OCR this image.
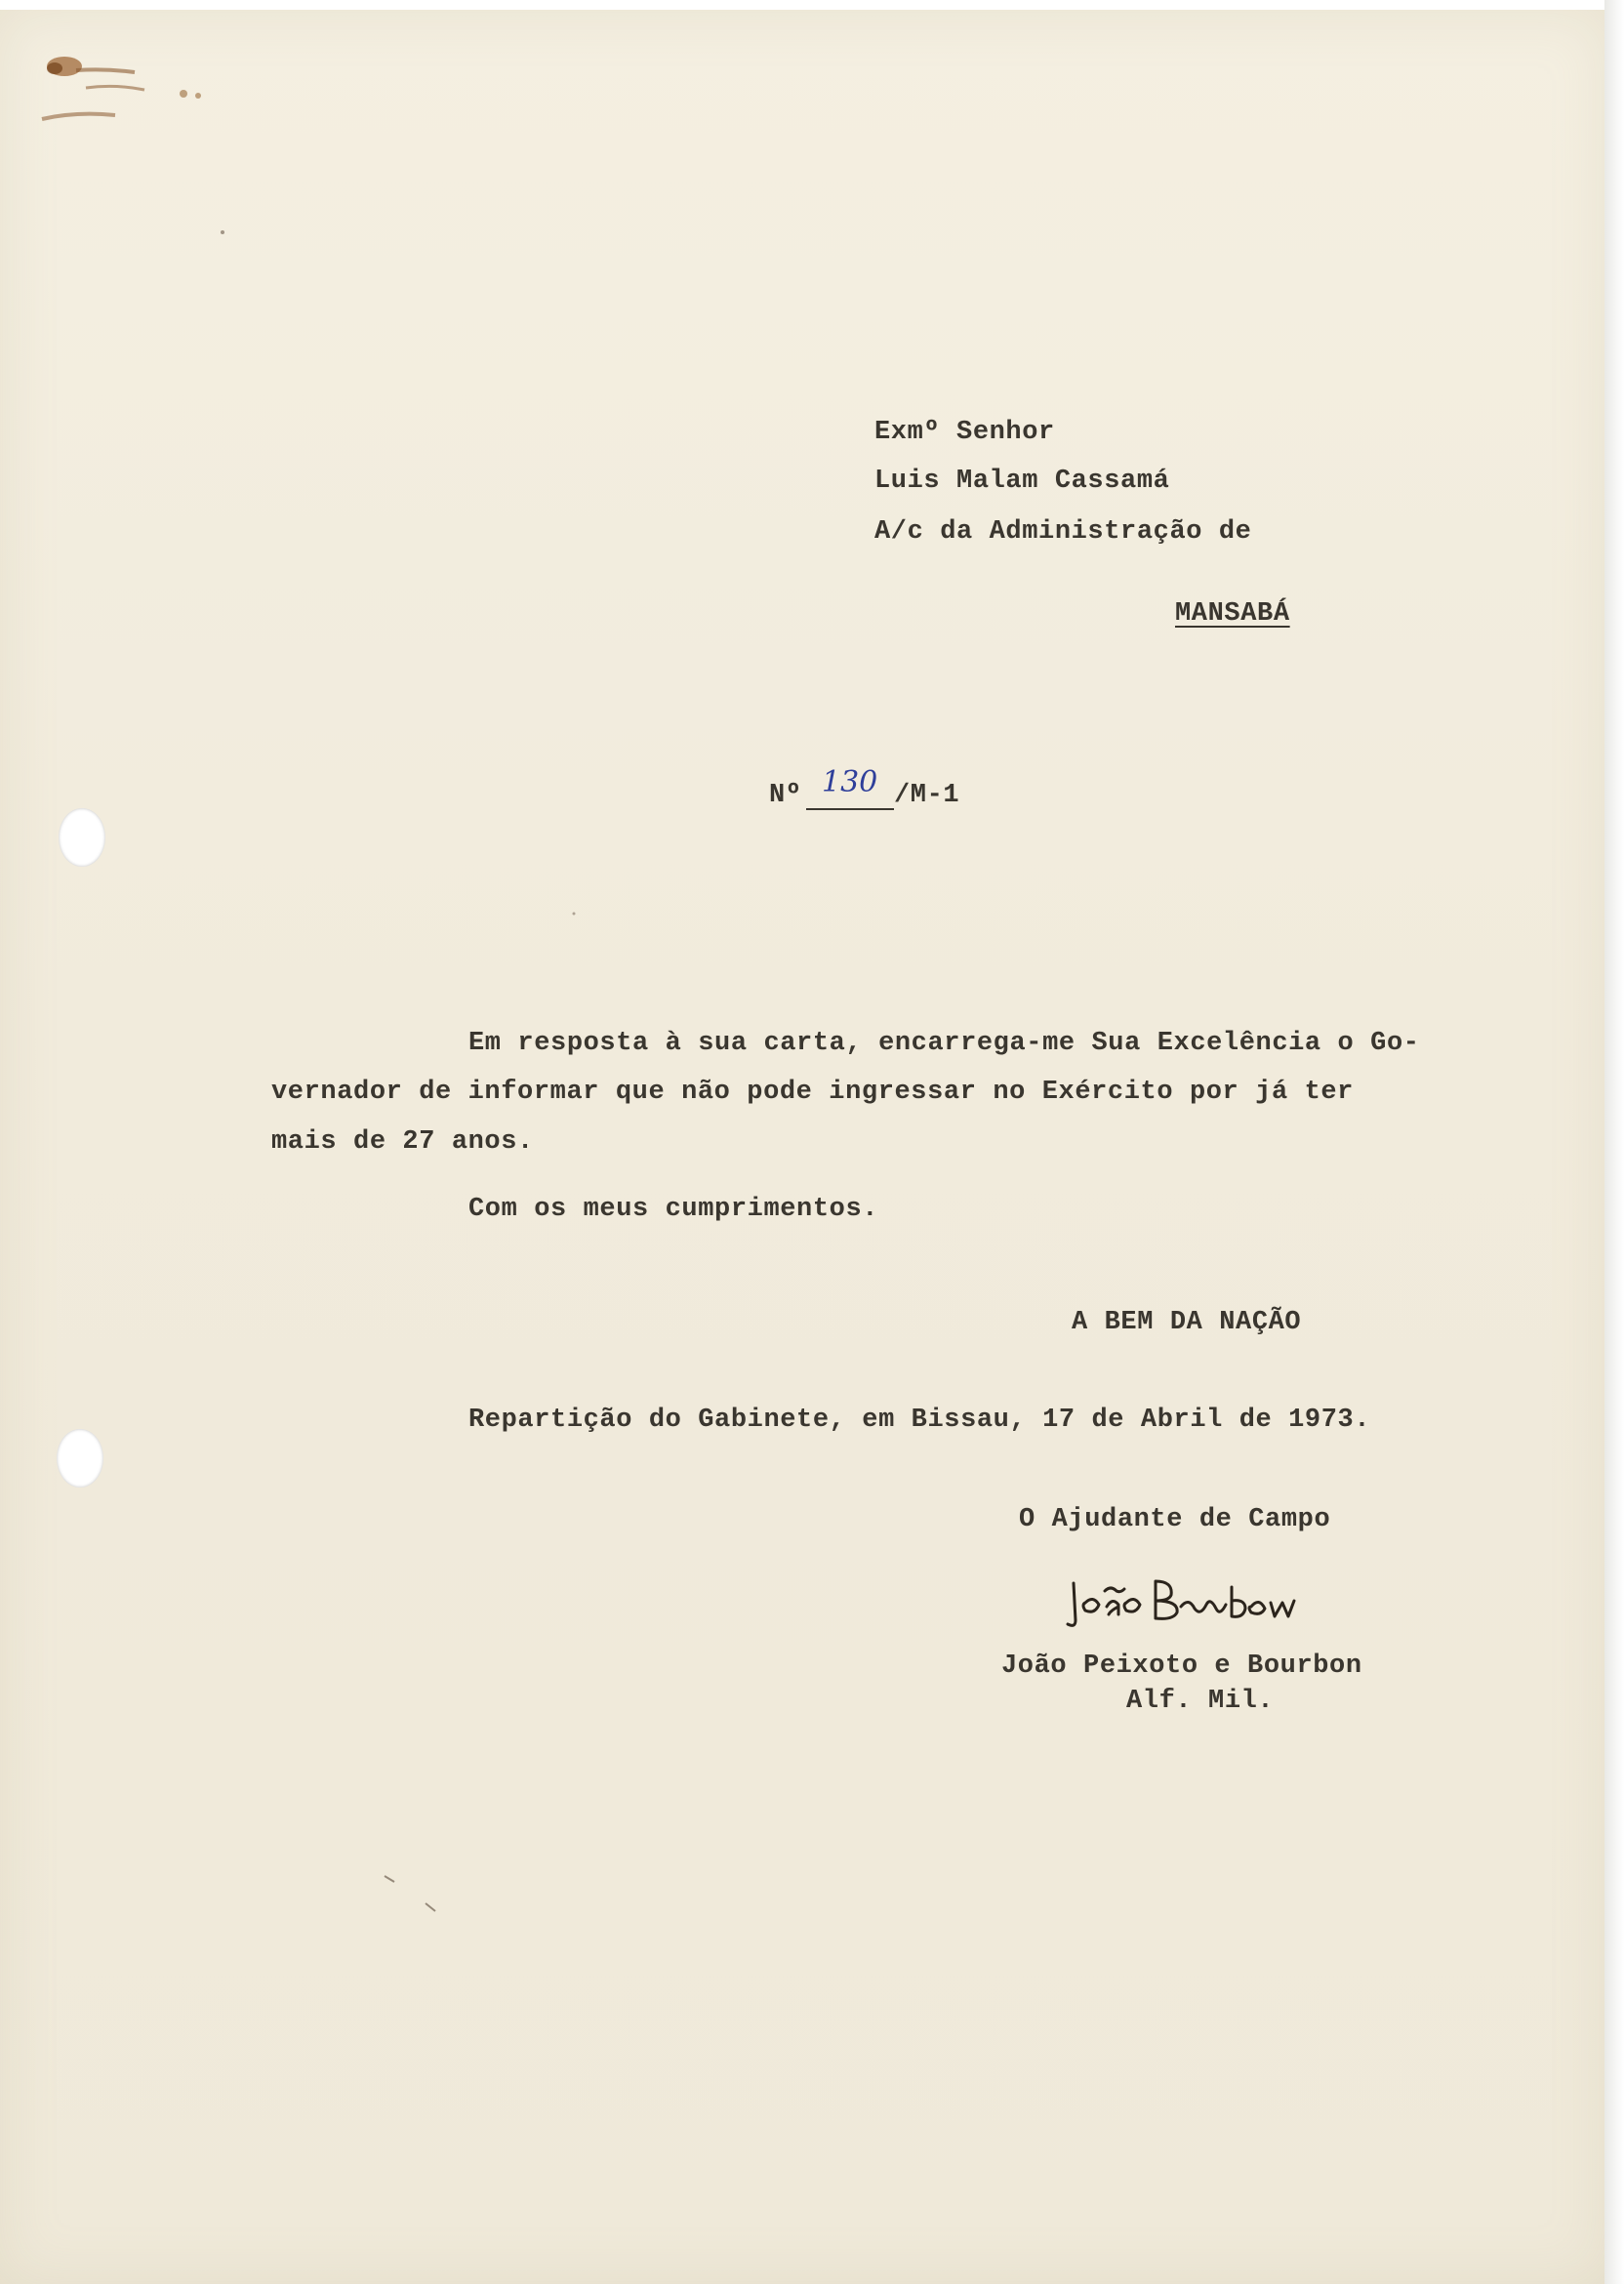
Exmº Senhor
Luis Malam Cassamá
A/c da Administração de
MANSABÁ
Nº 130 /M-1
Em resposta à sua carta, encarrega-me Sua Excelência o Go-
vernador de informar que não pode ingressar no Exército por já ter
mais de 27 anos.
Com os meus cumprimentos.
A BEM DA NAÇÃO
Repartição do Gabinete, em Bissau, 17 de Abril de 1973.
O Ajudante de Campo
João Peixoto e Bourbon
Alf. Mil.
